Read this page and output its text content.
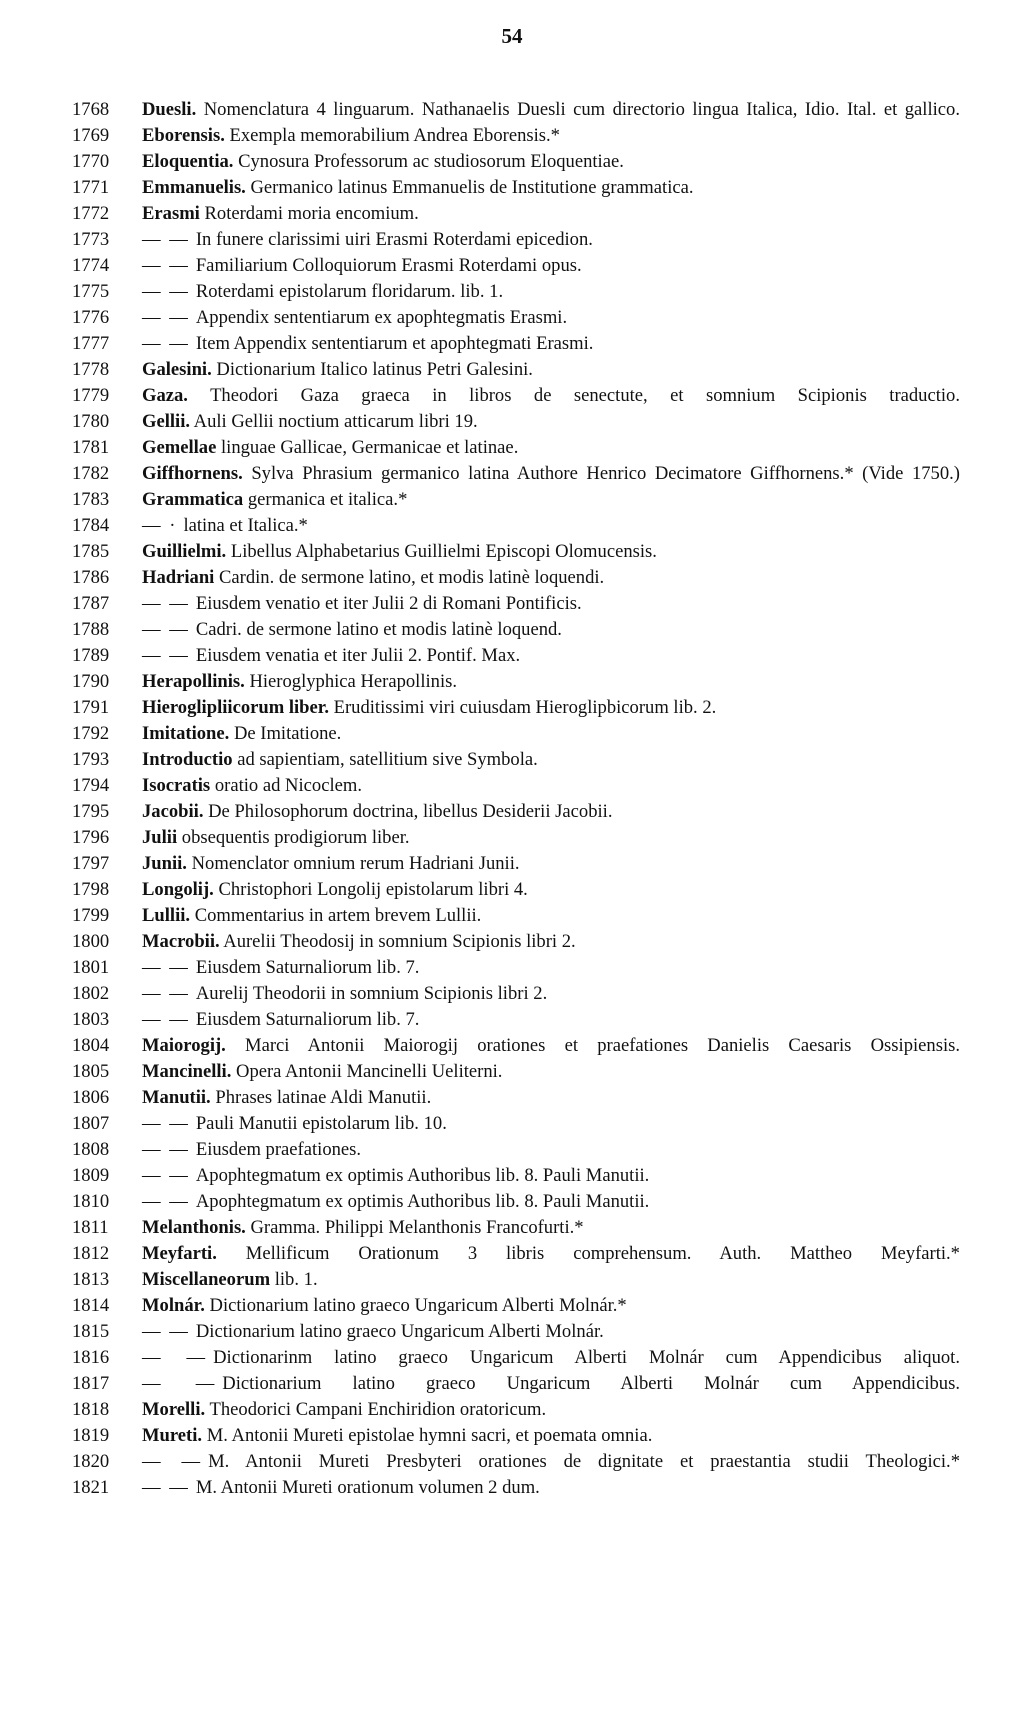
54
1768	Duesli. Nomenclatura 4 linguarum. Nathanaelis Duesli cum directorio lingua Italica, Idio. Ital. et gallico.
1769	Eborensis. Exempla memorabilium Andrea Eborensis.*
1770	Eloquentia. Cynosura Professorum ac studiosorum Eloquentiae.
1771	Emmanuelis. Germanico latinus Emmanuelis de Institutione grammatica.
1772	Erasmi Roterdami moria encomium.
1773	— — In funere clarissimi uiri Erasmi Roterdami epicedion.
1774	— — Familiarium Colloquiorum Erasmi Roterdami opus.
1775	— — Roterdami epistolarum floridarum. lib. 1.
1776	— — Appendix sententiarum ex apophtegmatis Erasmi.
1777	— — Item Appendix sententiarum et apophtegmati Erasmi.
1778	Galesini. Dictionarium Italico latinus Petri Galesini.
1779	Gaza. Theodori Gaza graeca in libros de senectute, et somnium Scipionis traductio.
1780	Gellii. Auli Gellii noctium atticarum libri 19.
1781	Gemellae linguae Gallicae, Germanicae et latinae.
1782	Giffhornens. Sylva Phrasium germanico latina Authore Henrico Decimatore Giffhornens.* (Vide 1750.)
1783	Grammatica germanica et italica.*
1784	— · latina et Italica.*
1785	Guillielmi. Libellus Alphabetarius Guillielmi Episcopi Olomucensis.
1786	Hadriani Cardin. de sermone latino, et modis latinè loquendi.
1787	— — Eiusdem venatio et iter Julii 2 di Romani Pontificis.
1788	— — Cadri. de sermone latino et modis latinè loquend.
1789	— — Eiusdem venatia et iter Julii 2. Pontif. Max.
1790	Herapollinis. Hieroglyphica Herapollinis.
1791	Hieroglipliicorum liber. Eruditissimi viri cuiusdam Hieroglipbicorum lib. 2.
1792	Imitatione. De Imitatione.
1793	Introductio ad sapientiam, satellitium sive Symbola.
1794	Isocratis oratio ad Nicoclem.
1795	Jacobii. De Philosophorum doctrina, libellus Desiderii Jacobii.
1796	Julii obsequentis prodigiorum liber.
1797	Junii. Nomenclator omnium rerum Hadriani Junii.
1798	Longolij. Christophori Longolij epistolarum libri 4.
1799	Lullii. Commentarius in artem brevem Lullii.
1800	Macrobii. Aurelii Theodosij in somnium Scipionis libri 2.
1801	— — Eiusdem Saturnaliorum lib. 7.
1802	— — Aurelij Theodorii in somnium Scipionis libri 2.
1803	— — Eiusdem Saturnaliorum lib. 7.
1804	Maiorogij. Marci Antonii Maiorogij orationes et praefationes Danielis Caesaris Ossipiensis.
1805	Mancinelli. Opera Antonii Mancinelli Ueliterni.
1806	Manutii. Phrases latinae Aldi Manutii.
1807	— — Pauli Manutii epistolarum lib. 10.
1808	— — Eiusdem praefationes.
1809	— — Apophtegmatum ex optimis Authoribus lib. 8. Pauli Manutii.
1810	— — Apophtegmatum ex optimis Authoribus lib. 8. Pauli Manutii.
1811	Melanthonis. Gramma. Philippi Melanthonis Francofurti.*
1812	Meyfarti. Mellificum Orationum 3 libris comprehensum. Auth. Mattheo Meyfarti.*
1813	Miscellaneorum lib. 1.
1814	Molnár. Dictionarium latino graeco Ungaricum Alberti Molnár.*
1815	— — Dictionarium latino graeco Ungaricum Alberti Molnár.
1816	— — Dictionarinm latino graeco Ungaricum Alberti Molnár cum Appendicibus aliquot.
1817	— — Dictionarium latino graeco Ungaricum Alberti Molnár cum Appendicibus.
1818	Morelli. Theodorici Campani Enchiridion oratoricum.
1819	Mureti. M. Antonii Mureti epistolae hymni sacri, et poemata omnia.
1820	— — M. Antonii Mureti Presbyteri orationes de dignitate et praestantia studii Theologici.*
1821	— — M. Antonii Mureti orationum volumen 2 dum.
